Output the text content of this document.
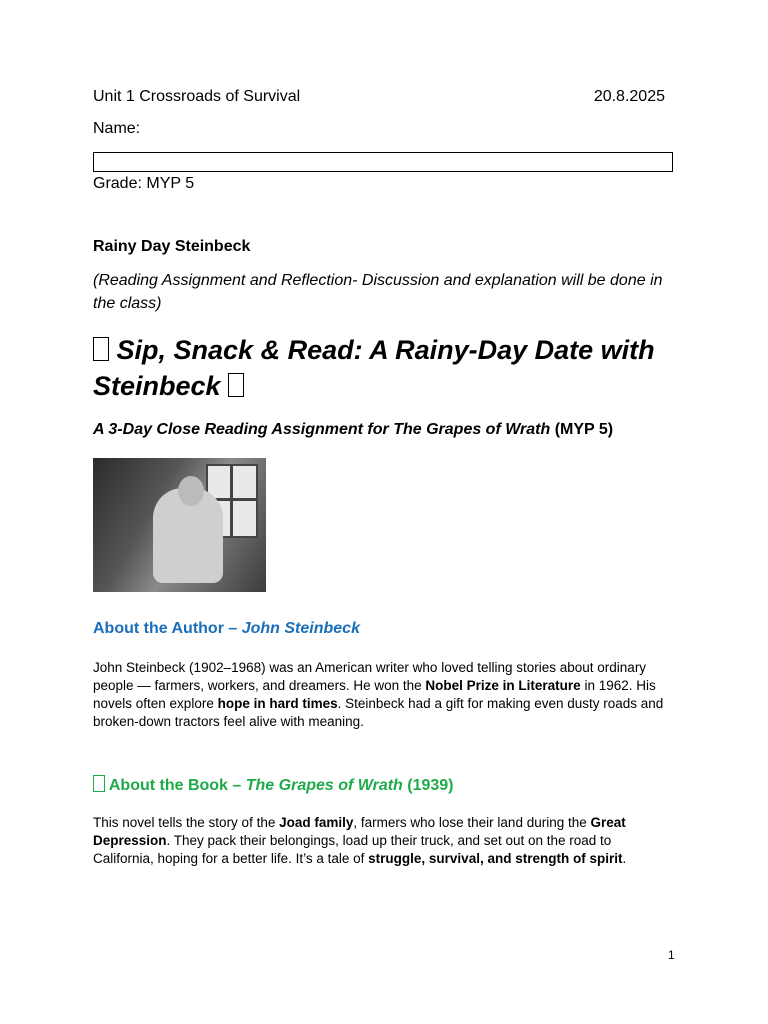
Unit 1 Crossroads of Survival	20.8.2025
Name:
Grade: MYP 5
Rainy Day Steinbeck
(Reading Assignment and Reflection- Discussion and explanation will be done in the class)
Sip, Snack & Read: A Rainy-Day Date with Steinbeck
A 3-Day Close Reading Assignment for The Grapes of Wrath (MYP 5)
About the Author – John Steinbeck
John Steinbeck (1902–1968) was an American writer who loved telling stories about ordinary people — farmers, workers, and dreamers. He won the Nobel Prize in Literature in 1962. His novels often explore hope in hard times. Steinbeck had a gift for making even dusty roads and broken-down tractors feel alive with meaning.
About the Book – The Grapes of Wrath (1939)
This novel tells the story of the Joad family, farmers who lose their land during the Great Depression. They pack their belongings, load up their truck, and set out on the road to California, hoping for a better life. It’s a tale of struggle, survival, and strength of spirit.
1
